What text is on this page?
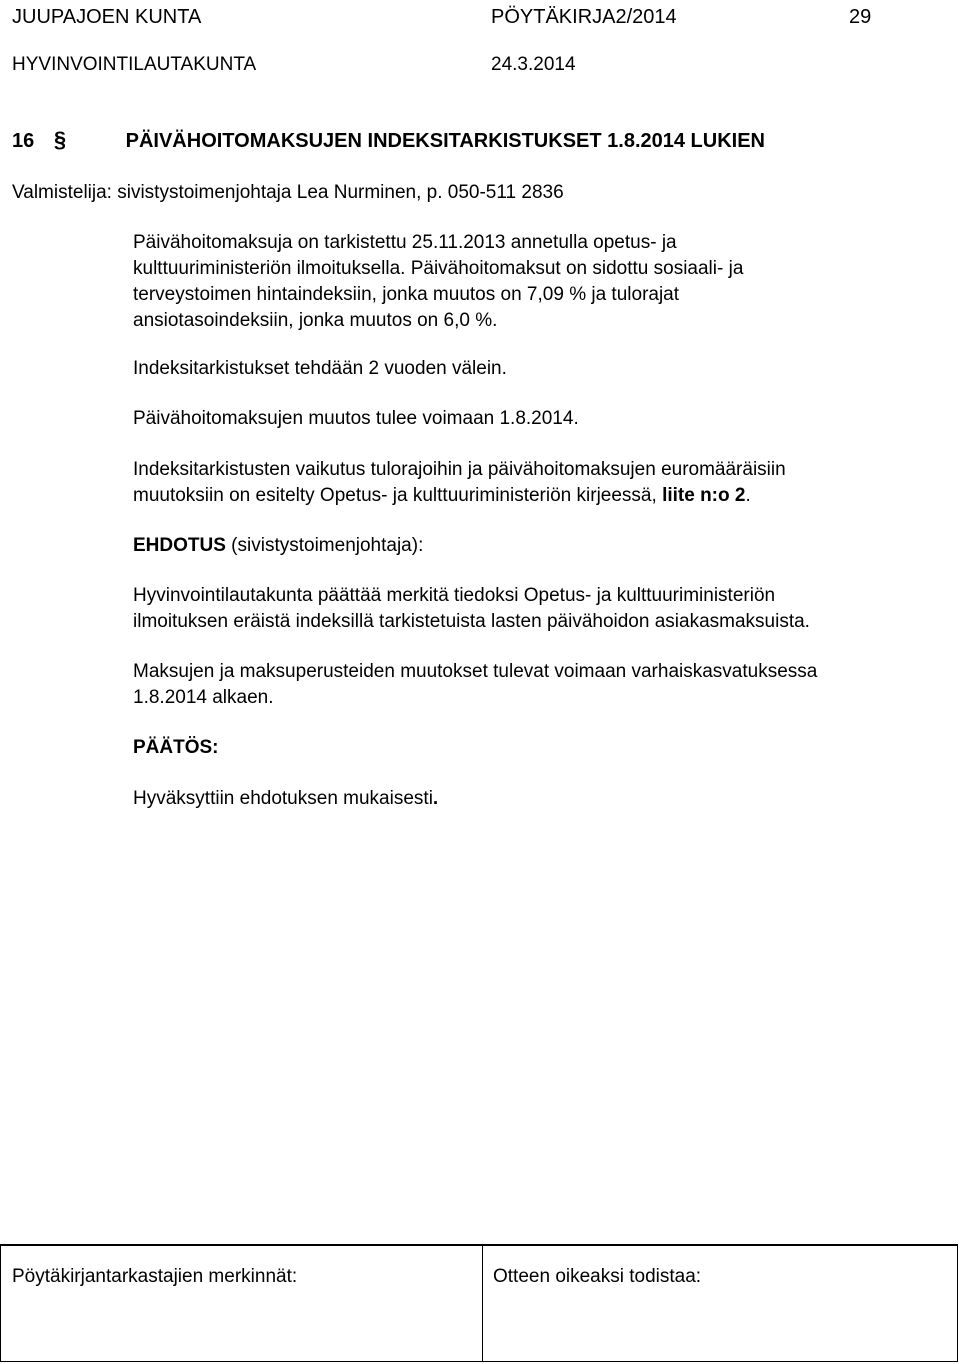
JUUPAJOEN KUNTA	PÖYTÄKIRJA2/2014	29
HYVINVOINTILAUTAKUNTA	24.3.2014
16 §	PÄIVÄHOITOMAKSUJEN INDEKSITARKISTUKSET 1.8.2014 LUKIEN
Valmistelija: sivistystoimenjohtaja Lea Nurminen, p. 050-511 2836
Päivähoitomaksuja on tarkistettu 25.11.2013 annetulla opetus- ja
kulttuuriministeriön ilmoituksella. Päivähoitomaksut on sidottu sosiaali- ja
terveystoimen hintaindeksiin, jonka muutos on 7,09 % ja tulorajat
ansiotasoindeksiin, jonka muutos on 6,0 %.
Indeksitarkistukset tehdään 2 vuoden välein.
Päivähoitomaksujen muutos tulee voimaan 1.8.2014.
Indeksitarkistusten vaikutus tulorajoihin ja päivähoitomaksujen euromääräisiin
muutoksiin on esitelty Opetus- ja kulttuuriministeriön kirjeessä, liite n:o 2.
EHDOTUS (sivistystoimenjohtaja):
Hyvinvointilautakunta päättää merkitä tiedoksi Opetus- ja kulttuuriministeriön
ilmoituksen eräistä indeksillä tarkistetuista lasten päivähoidon asiakasmaksuista.
Maksujen ja maksuperusteiden muutokset tulevat voimaan varhaiskasvatuksessa
1.8.2014 alkaen.
PÄÄTÖS:
Hyväksyttiin ehdotuksen mukaisesti.
Pöytäkirjantarkastajien merkinnät:	Otteen oikeaksi todistaa:
